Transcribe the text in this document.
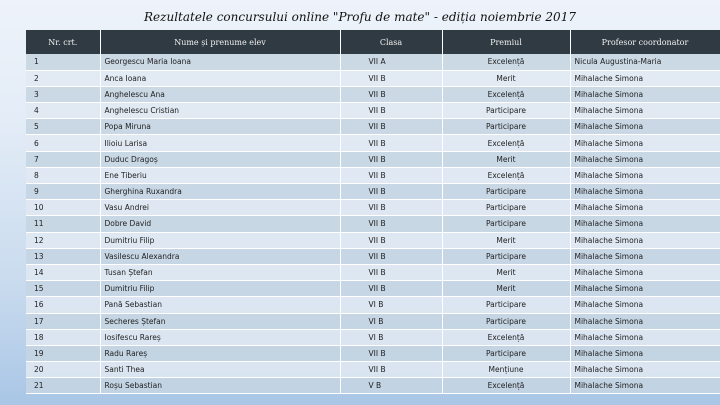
Rezultatele concursului online "Profu de mate" - ediția noiembrie 2017
Nr. crt.	Nume și prenume elev	Clasa	Premiul	Profesor coordonator
1	Georgescu Maria Ioana	VII A	Excelență	Nicula Augustina-Maria
2	Anca Ioana	VII B	Merit	Mihalache Simona
3	Anghelescu Ana	VII B	Excelență	Mihalache Simona
4	Anghelescu Cristian	VII B	Participare	Mihalache Simona
5	Popa Miruna	VII B	Participare	Mihalache Simona
6	Ilioiu Larisa	VII B	Excelență	Mihalache Simona
7	Duduc Dragoș	VII B	Merit	Mihalache Simona
8	Ene Tiberiu	VII B	Excelență	Mihalache Simona
9	Gherghina Ruxandra	VII B	Participare	Mihalache Simona
10	Vasu Andrei	VII B	Participare	Mihalache Simona
11	Dobre David	VII B	Participare	Mihalache Simona
12	Dumitriu Filip	VII B	Merit	Mihalache Simona
13	Vasilescu Alexandra	VII B	Participare	Mihalache Simona
14	Tusan Ștefan	VII B	Merit	Mihalache Simona
15	Dumitriu Filip	VII B	Merit	Mihalache Simona
16	Pană Sebastian	VI B	Participare	Mihalache Simona
17	Secheres Ștefan	VI B	Participare	Mihalache Simona
18	Iosifescu Rareș	VI B	Excelență	Mihalache Simona
19	Radu Rareș	VII B	Participare	Mihalache Simona
20	Santi Thea	VII B	Mențiune	Mihalache Simona
21	Roșu Sebastian	V B	Excelență	Mihalache Simona
